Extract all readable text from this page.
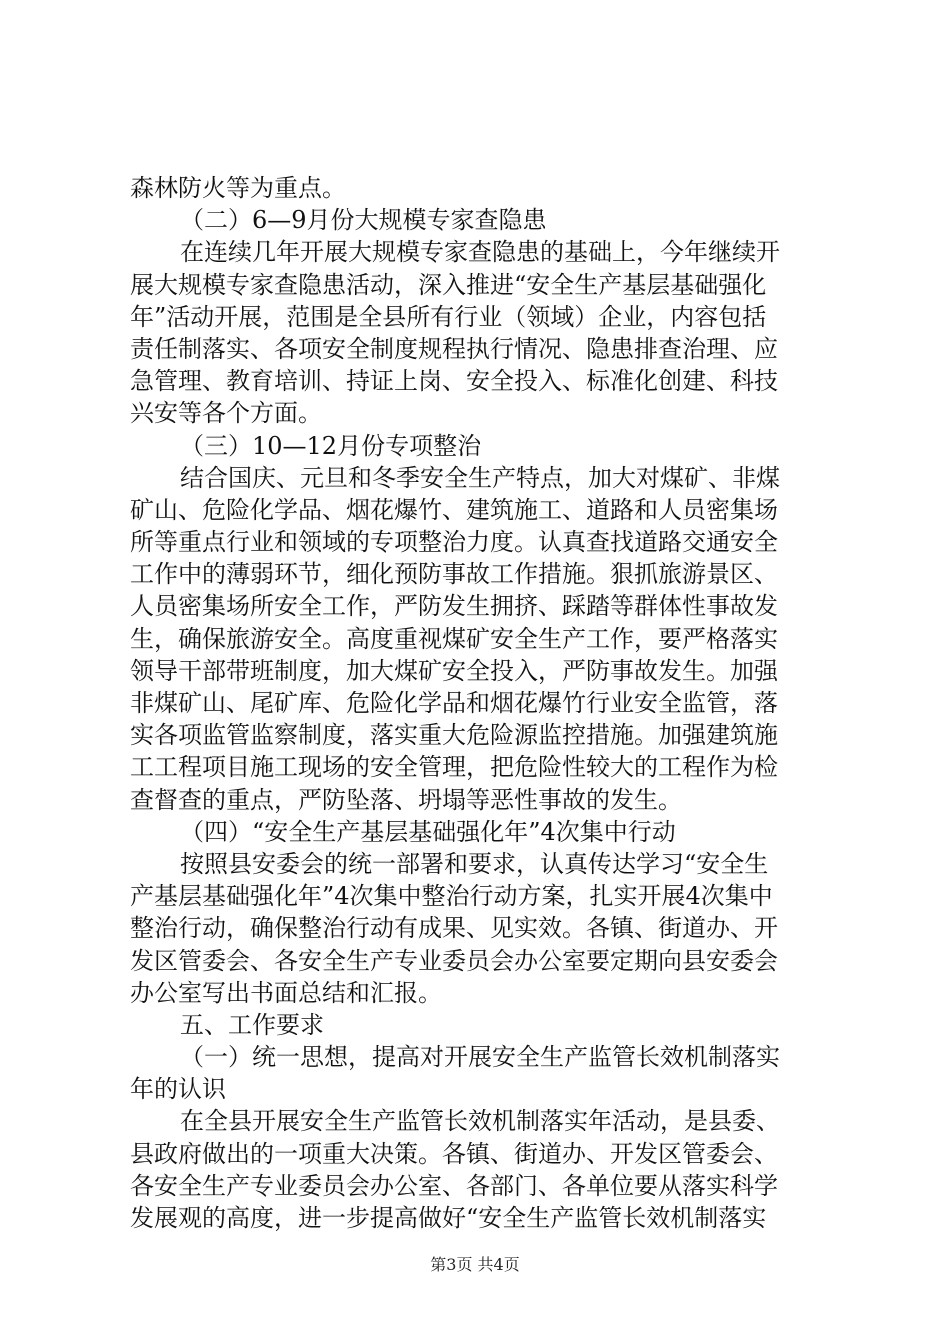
森林防火等为重点。
（二）6—9月份大规模专家查隐患
在连续几年开展大规模专家查隐患的基础上，今年继续开
展大规模专家查隐患活动，深入推进“安全生产基层基础强化
年”活动开展，范围是全县所有行业（领域）企业，内容包括
责任制落实、各项安全制度规程执行情况、隐患排查治理、应
急管理、教育培训、持证上岗、安全投入、标准化创建、科技
兴安等各个方面。
（三）10—12月份专项整治
结合国庆、元旦和冬季安全生产特点，加大对煤矿、非煤
矿山、危险化学品、烟花爆竹、建筑施工、道路和人员密集场
所等重点行业和领域的专项整治力度。认真查找道路交通安全
工作中的薄弱环节，细化预防事故工作措施。狠抓旅游景区、
人员密集场所安全工作，严防发生拥挤、踩踏等群体性事故发
生，确保旅游安全。高度重视煤矿安全生产工作，要严格落实
领导干部带班制度，加大煤矿安全投入，严防事故发生。加强
非煤矿山、尾矿库、危险化学品和烟花爆竹行业安全监管，落
实各项监管监察制度，落实重大危险源监控措施。加强建筑施
工工程项目施工现场的安全管理，把危险性较大的工程作为检
查督查的重点，严防坠落、坍塌等恶性事故的发生。
（四）“安全生产基层基础强化年”4次集中行动
按照县安委会的统一部署和要求，认真传达学习“安全生
产基层基础强化年”4次集中整治行动方案，扎实开展4次集中
整治行动，确保整治行动有成果、见实效。各镇、街道办、开
发区管委会、各安全生产专业委员会办公室要定期向县安委会
办公室写出书面总结和汇报。
五、工作要求
（一）统一思想，提高对开展安全生产监管长效机制落实
年的认识
在全县开展安全生产监管长效机制落实年活动，是县委、
县政府做出的一项重大决策。各镇、街道办、开发区管委会、
各安全生产专业委员会办公室、各部门、各单位要从落实科学
发展观的高度，进一步提高做好“安全生产监管长效机制落实
第3页 共4页
